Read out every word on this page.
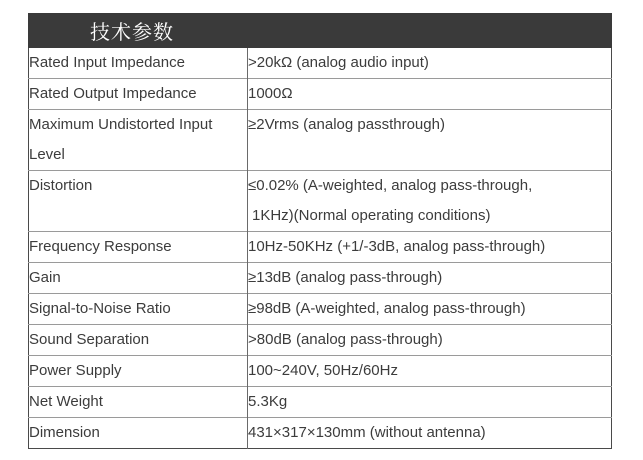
技术参数
Rated Input Impedance	>20kΩ (analog audio input)
Rated Output Impedance	1000Ω
Maximum Undistorted Input Level	≥2Vrms (analog passthrough)
Distortion	≤0.02% (A-weighted, analog pass-through,
1KHz)(Normal operating conditions)

Frequency Response	10Hz-50KHz (+1/-3dB, analog pass-through)
Gain	≥13dB (analog pass-through)
Signal-to-Noise Ratio	≥98dB (A-weighted, analog pass-through)
Sound Separation	>80dB (analog pass-through)
Power Supply	100~240V, 50Hz/60Hz
Net Weight	5.3Kg
Dimension	431×317×130mm (without antenna)
